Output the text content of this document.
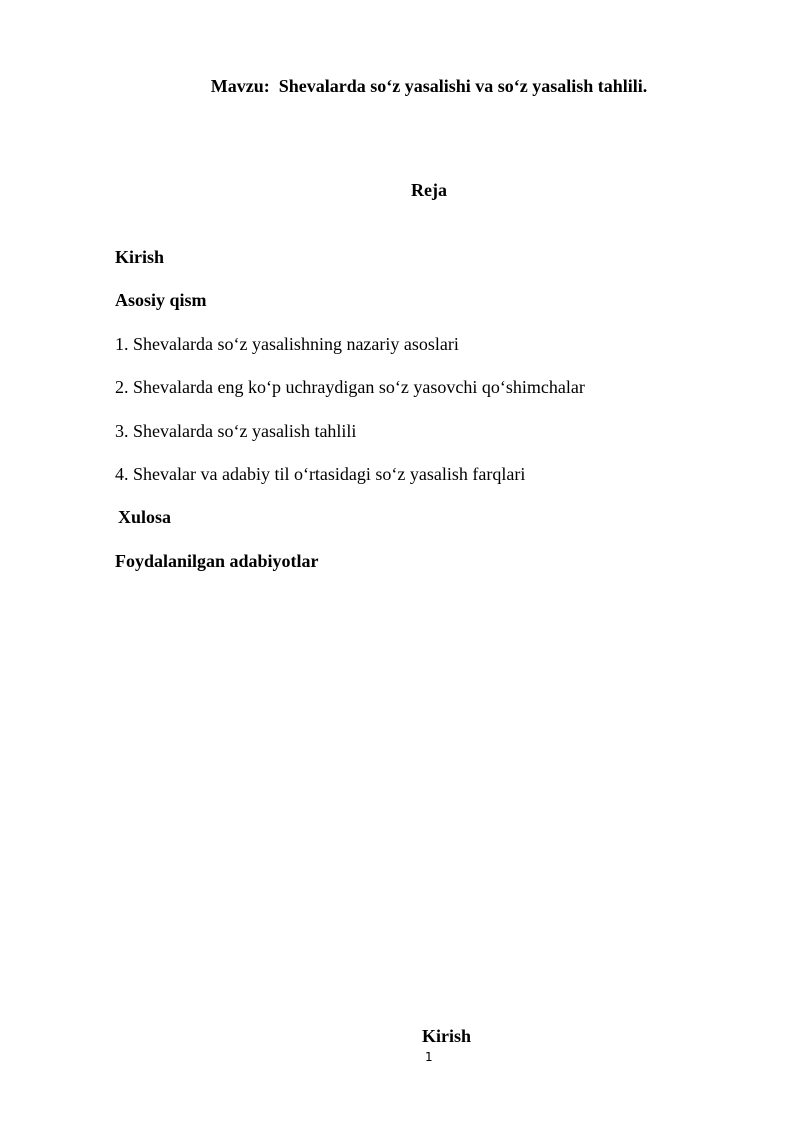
Mavzu:  Shevalarda so‘z yasalishi va so‘z yasalish tahlili.
Reja
Kirish
Asosiy qism
1. Shevalarda so‘z yasalishning nazariy asoslari
2. Shevalarda eng ko‘p uchraydigan so‘z yasovchi qo‘shimchalar
3. Shevalarda so‘z yasalish tahlili
4. Shevalar va adabiy til o‘rtasidagi so‘z yasalish farqlari
Xulosa
Foydalanilgan adabiyotlar
Kirish
1
